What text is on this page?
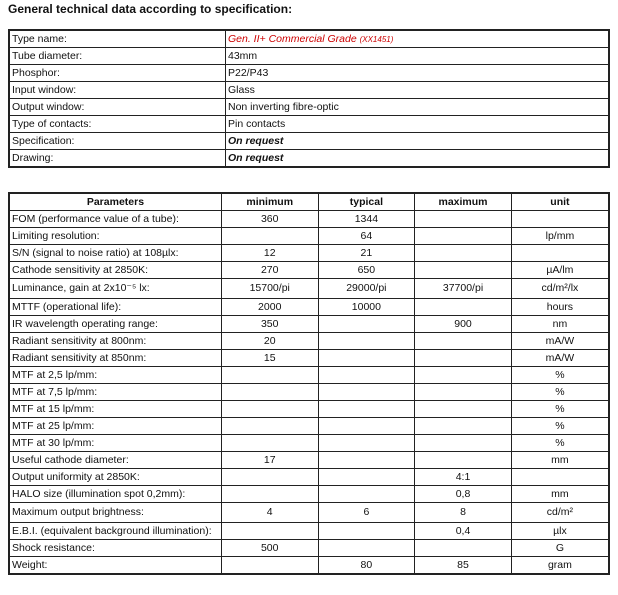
General technical data according to specification:
Type name:	Gen. II+ Commercial Grade (XX1451)
Tube diameter:	43mm
Phosphor:	P22/P43
Input window:	Glass
Output window:	Non inverting fibre-optic
Type of contacts:	Pin contacts
Specification:	On request
Drawing:	On request
Parameters	minimum	typical	maximum	unit
FOM (performance value of a tube):	360	1344		
Limiting resolution:		64		lp/mm
S/N (signal to noise ratio) at 108µlx:	12	21		
Cathode sensitivity at 2850K:	270	650		µA/lm
Luminance, gain at 2x10⁻⁵ lx:	15700/pi	29000/pi	37700/pi	cd/m²/lx
MTTF (operational life):	2000	10000		hours
IR wavelength operating range:	350		900	nm
Radiant sensitivity at 800nm:	20			mA/W
Radiant sensitivity at 850nm:	15			mA/W
MTF at 2,5 lp/mm:				%
MTF at 7,5 lp/mm:				%
MTF at 15 lp/mm:				%
MTF at 25 lp/mm:				%
MTF at 30 lp/mm:				%
Useful cathode diameter:	17			mm
Output uniformity at 2850K:			4:1	
HALO size (illumination spot 0,2mm):			0,8	mm
Maximum output brightness:	4	6	8	cd/m²
E.B.I. (equivalent background illumination):			0,4	µlx
Shock resistance:	500			G
Weight:		80	85	gram
